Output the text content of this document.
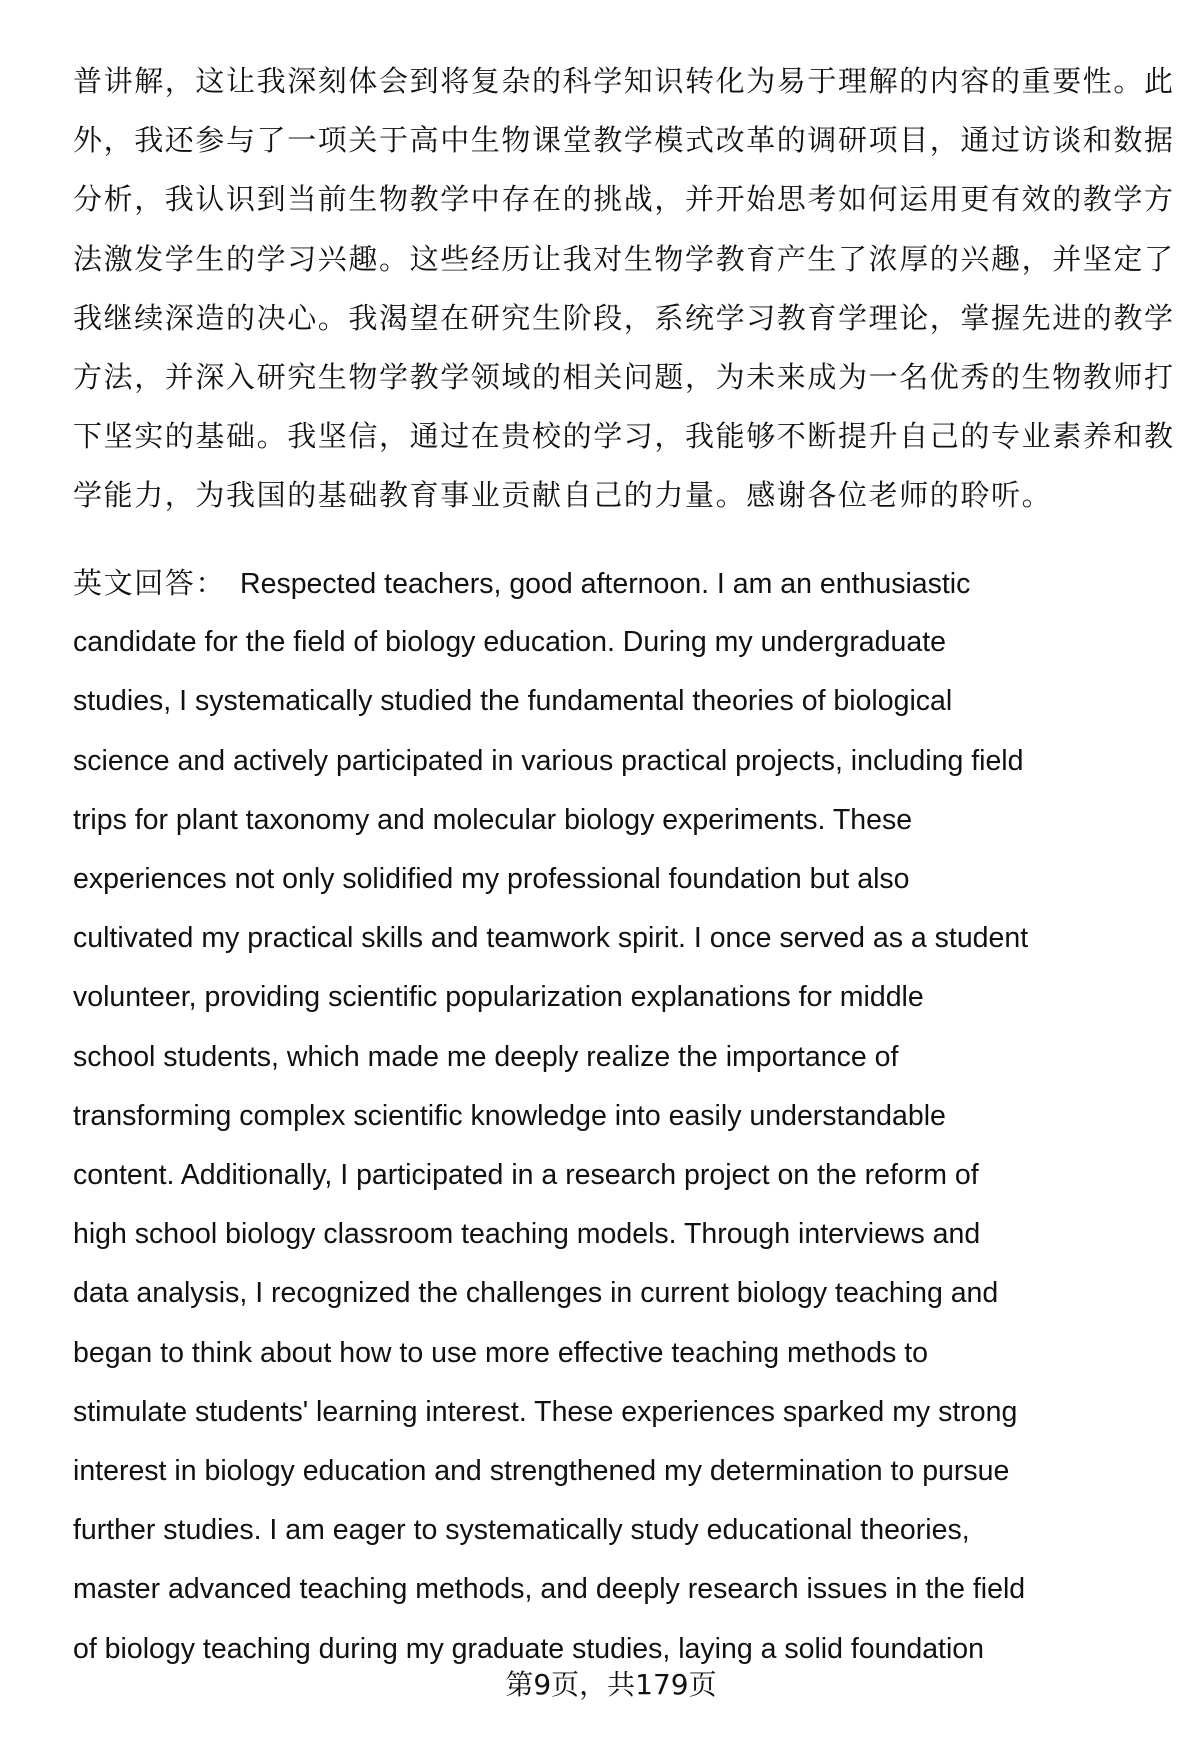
普讲解，这让我深刻体会到将复杂的科学知识转化为易于理解的内容的重要性。此
外，我还参与了一项关于高中生物课堂教学模式改革的调研项目，通过访谈和数据
分析，我认识到当前生物教学中存在的挑战，并开始思考如何运用更有效的教学方
法激发学生的学习兴趣。这些经历让我对生物学教育产生了浓厚的兴趣，并坚定了
我继续深造的决心。我渴望在研究生阶段，系统学习教育学理论，掌握先进的教学
方法，并深入研究生物学教学领域的相关问题，为未来成为一名优秀的生物教师打
下坚实的基础。我坚信，通过在贵校的学习，我能够不断提升自己的专业素养和教
学能力，为我国的基础教育事业贡献自己的力量。感谢各位老师的聆听。
英文回答： Respected teachers, good afternoon. I am an enthusiastic
candidate for the field of biology education. During my undergraduate
studies, I systematically studied the fundamental theories of biological
science and actively participated in various practical projects, including field
trips for plant taxonomy and molecular biology experiments. These
experiences not only solidified my professional foundation but also
cultivated my practical skills and teamwork spirit. I once served as a student
volunteer, providing scientific popularization explanations for middle
school students, which made me deeply realize the importance of
transforming complex scientific knowledge into easily understandable
content. Additionally, I participated in a research project on the reform of
high school biology classroom teaching models. Through interviews and
data analysis, I recognized the challenges in current biology teaching and
began to think about how to use more effective teaching methods to
stimulate students' learning interest. These experiences sparked my strong
interest in biology education and strengthened my determination to pursue
further studies. I am eager to systematically study educational theories,
master advanced teaching methods, and deeply research issues in the field
of biology teaching during my graduate studies, laying a solid foundation
第9页，共179页
